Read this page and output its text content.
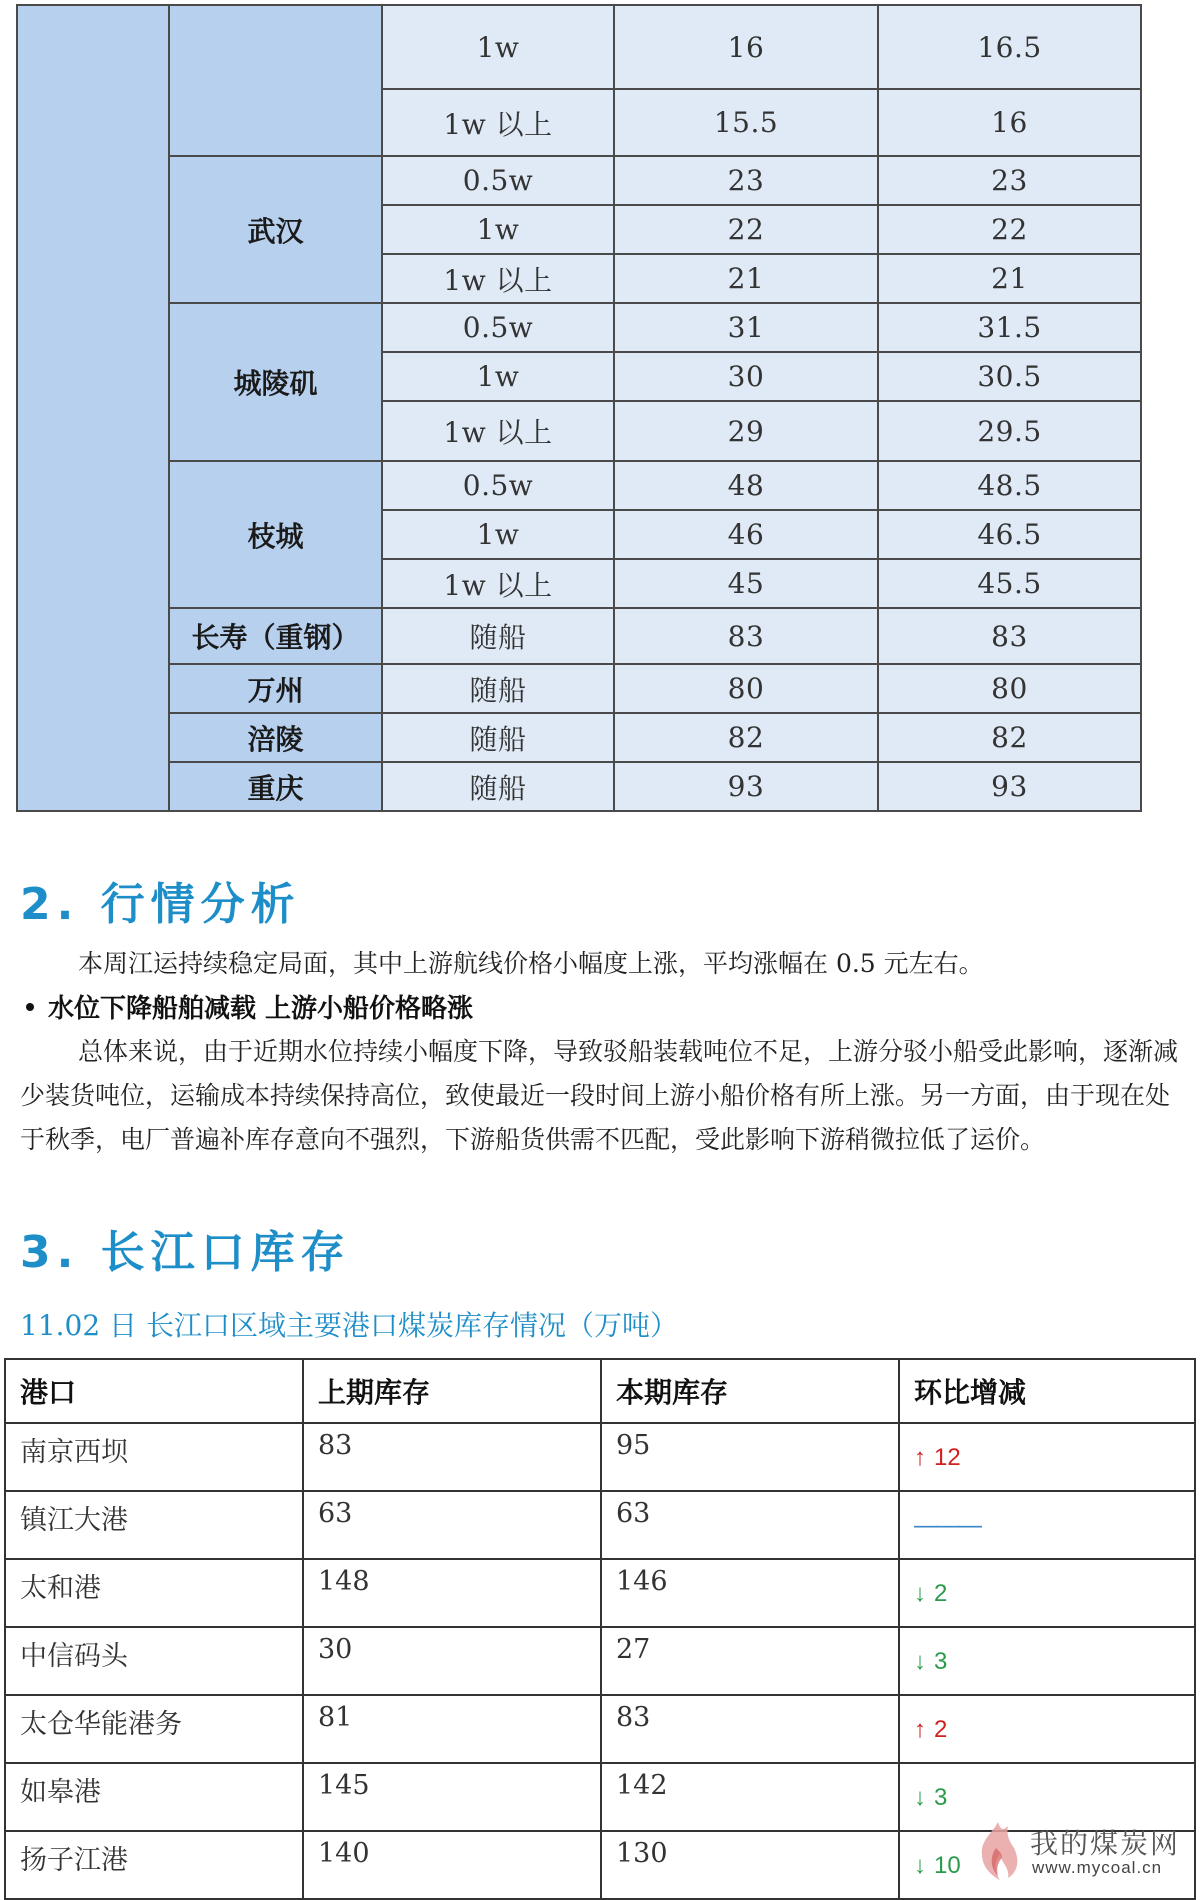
		1w	16	16.5
		1w 以上	15.5	16
	武汉	0.5w	23	23
		1w	22	22
		1w 以上	21	21
	城陵矶	0.5w	31	31.5
		1w	30	30.5
		1w 以上	29	29.5
	枝城	0.5w	48	48.5
		1w	46	46.5
		1w 以上	45	45.5
	长寿（重钢）	随船	83	83
	万州	随船	80	80
	涪陵	随船	82	82
	重庆	随船	93	93
2. 行情分析

本周江运持续稳定局面，其中上游航线价格小幅度上涨，平均涨幅在 0.5 元左右。

水位下降船舶减载 上游小船价格略涨

总体来说，由于近期水位持续小幅度下降，导致驳船装载吨位不足，上游分驳小船受此影响，逐渐减少装货吨位，运输成本持续保持高位，致使最近一段时间上游小船价格有所上涨。另一方面，由于现在处于秋季，电厂普遍补库存意向不强烈，下游船货供需不匹配，受此影响下游稍微拉低了运价。

3. 长江口库存

11.02 日 长江口区域主要港口煤炭库存情况（万吨）

港口	上期库存	本期库存	环比增减
南京西坝	83	95	↑ 12
镇江大港	63	63	———
太和港	148	146	↓ 2
中信码头	30	27	↓ 3
太仓华能港务	81	83	↑ 2
如皋港	145	142	↓ 3
扬子江港	140	130	↓ 10
我的煤炭网
www.mycoal.cn
